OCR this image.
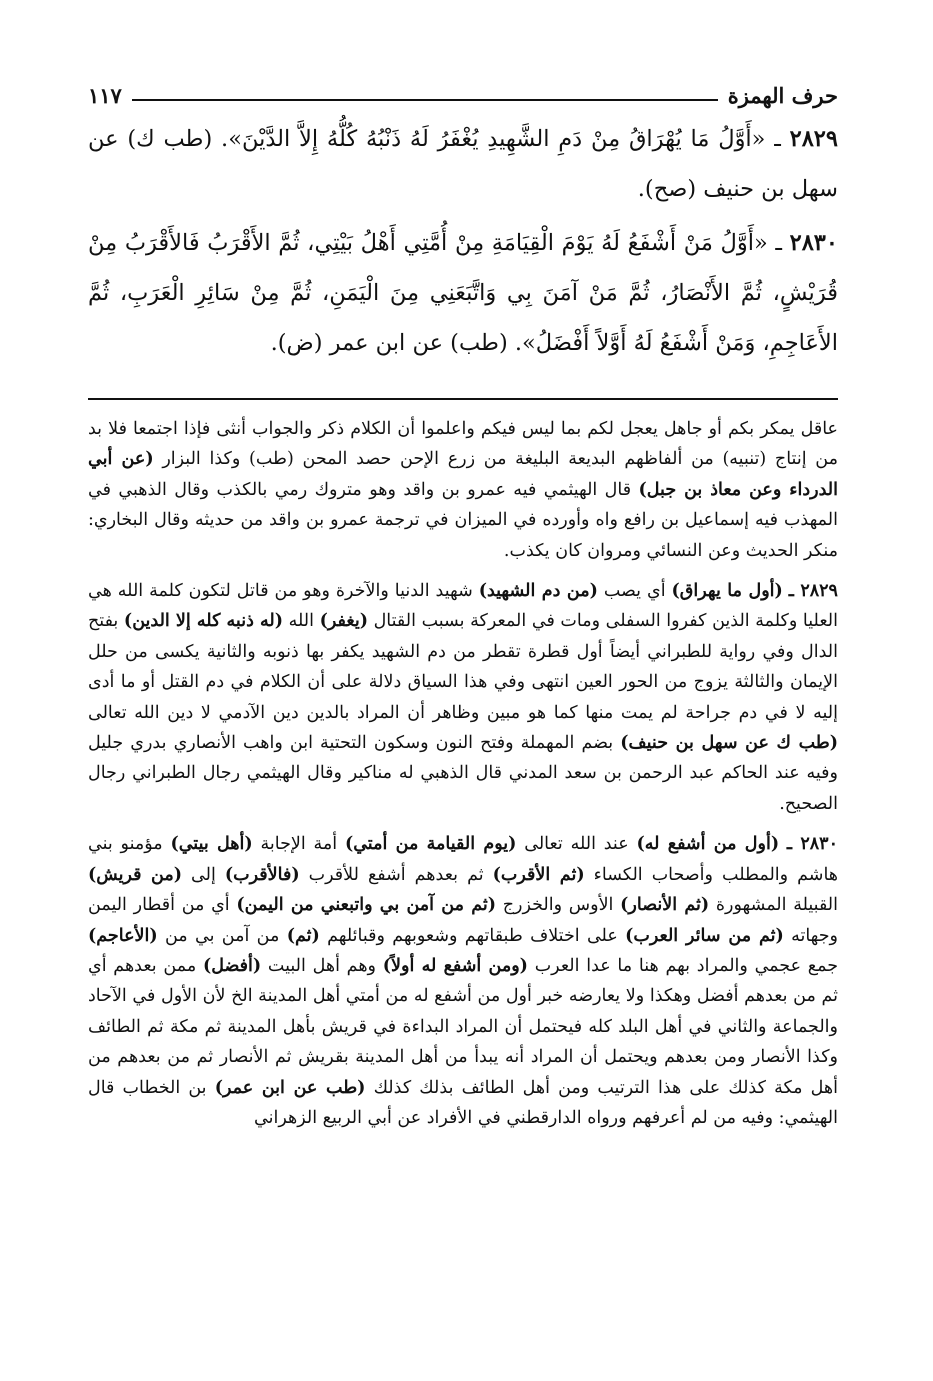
حرف الهمزة
١١٧

٢٨٢٩ ـ «أَوَّلُ مَا يُهْرَاقُ مِنْ دَمِ الشَّهِيدِ يُغْفَرُ لَهُ ذَنْبُهُ كُلُّهُ إِلاَّ الدَّيْنَ». (طب ك) عن سهل بن حنيف (صح).

٢٨٣٠ ـ «أَوَّلُ مَنْ أَشْفَعُ لَهُ يَوْمَ الْقِيَامَةِ مِنْ أُمَّتِي أَهْلُ بَيْتِي، ثُمَّ الأَقْرَبُ فَالأَقْرَبُ مِنْ قُرَيْشٍ، ثُمَّ الأَنْصَارُ، ثُمَّ مَنْ آمَنَ بِي وَاتَّبَعَنِي مِنَ الْيَمَنِ، ثُمَّ مِنْ سَائِرِ الْعَرَبِ، ثُمَّ الأَعَاجِمِ، وَمَنْ أَشْفَعُ لَهُ أَوَّلاً أَفْضَلُ». (طب) عن ابن عمر (ض).

عاقل يمكر بكم أو جاهل يعجل لكم بما ليس فيكم واعلموا أن الكلام ذكر والجواب أنثى فإذا اجتمعا فلا بد من إنتاج (تنبيه) من ألفاظهم البديعة البليغة من زرع الإحن حصد المحن (طب) وكذا البزار (عن أبي الدرداء وعن معاذ بن جبل) قال الهيثمي فيه عمرو بن واقد وهو متروك رمي بالكذب وقال الذهبي في المهذب فيه إسماعيل بن رافع واه وأورده في الميزان في ترجمة عمرو بن واقد من حديثه وقال البخاري: منكر الحديث وعن النسائي ومروان كان يكذب.

٢٨٢٩ ـ (أول ما يهراق) أي يصب (من دم الشهيد) شهيد الدنيا والآخرة وهو من قاتل لتكون كلمة الله هي العليا وكلمة الذين كفروا السفلى ومات في المعركة بسبب القتال (يغفر) الله (له ذنبه كله إلا الدين) بفتح الدال وفي رواية للطبراني أيضاً أول قطرة تقطر من دم الشهيد يكفر بها ذنوبه والثانية يكسى من حلل الإيمان والثالثة يزوج من الحور العين انتهى وفي هذا السياق دلالة على أن الكلام في دم القتل أو ما أدى إليه لا في دم جراحة لم يمت منها كما هو مبين وظاهر أن المراد بالدين دين الآدمي لا دين الله تعالى (طب ك عن سهل بن حنيف) بضم المهملة وفتح النون وسكون التحتية ابن واهب الأنصاري بدري جليل وفيه عند الحاكم عبد الرحمن بن سعد المدني قال الذهبي له مناكير وقال الهيثمي رجال الطبراني رجال الصحيح.

٢٨٣٠ ـ (أول من أشفع له) عند الله تعالى (يوم القيامة من أمتي) أمة الإجابة (أهل بيتي) مؤمنو بني هاشم والمطلب وأصحاب الكساء (ثم الأقرب) ثم بعدهم أشفع للأقرب (فالأقرب) إلى (من قريش) القبيلة المشهورة (ثم الأنصار) الأوس والخزرج (ثم من آمن بي واتبعني من اليمن) أي من أقطار اليمن وجهاته (ثم من سائر العرب) على اختلاف طبقاتهم وشعوبهم وقبائلهم (ثم) من آمن بي من (الأعاجم) جمع عجمي والمراد بهم هنا ما عدا العرب (ومن أشفع له أولاً) وهم أهل البيت (أفضل) ممن بعدهم أي ثم من بعدهم أفضل وهكذا ولا يعارضه خبر أول من أشفع له من أمتي أهل المدينة الخ لأن الأول في الآحاد والجماعة والثاني في أهل البلد كله فيحتمل أن المراد البداءة في قريش بأهل المدينة ثم مكة ثم الطائف وكذا الأنصار ومن بعدهم ويحتمل أن المراد أنه يبدأ من أهل المدينة بقريش ثم الأنصار ثم من بعدهم من أهل مكة كذلك على هذا الترتيب ومن أهل الطائف بذلك كذلك (طب عن ابن عمر) بن الخطاب قال الهيثمي: وفيه من لم أعرفهم ورواه الدارقطني في الأفراد عن أبي الربيع الزهراني
